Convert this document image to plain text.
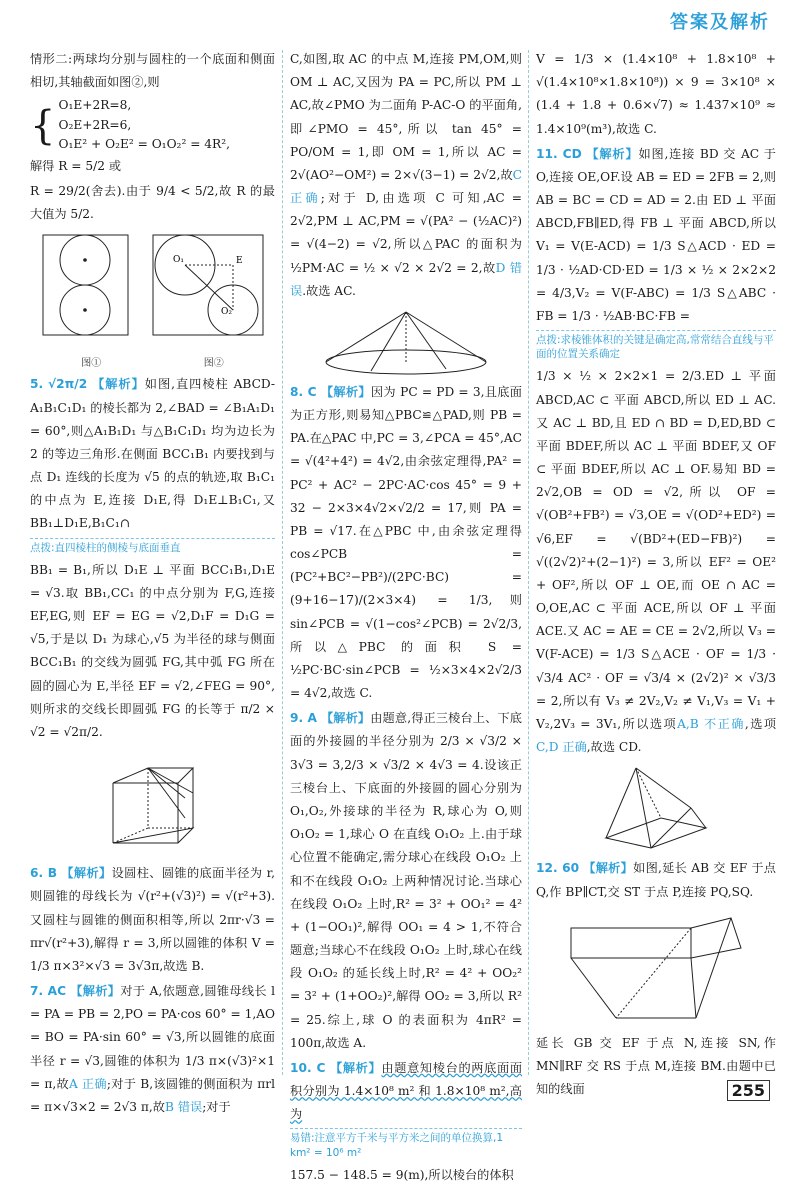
答案及解析

情形二:两球均分别与圆柱的一个底面和侧面相切,其轴截面如图②,则

{ O₁E+2R=8,
O₂E+2R=6,
O₁E² + O₂E² = O₁O₂² = 4R²,

解得 R = 5/2 或

R = 29/2(舍去).由于 9/4 < 5/2,故 R 的最大值为 5/2.

O₁	E
O₂
图①	图②

5. √2π/2 【解析】如图,直四棱柱 ABCD-A₁B₁C₁D₁ 的棱长都为 2,∠BAD = ∠B₁A₁D₁ = 60°,则△A₁B₁D₁ 与△B₁C₁D₁ 均为边长为 2 的等边三角形.在侧面 BCC₁B₁ 内要找到与点 D₁ 连线的长度为 √5 的点的轨迹,取 B₁C₁ 的中点为 E,连接 D₁E,得 D₁E⊥B₁C₁,又 BB₁⊥D₁E,B₁C₁∩

点拨:直四棱柱的侧棱与底面垂直

BB₁ = B₁,所以 D₁E ⊥ 平面 BCC₁B₁,D₁E = √3.取 BB₁,CC₁ 的中点分别为 F,G,连接 EF,EG,则 EF = EG = √2,D₁F = D₁G = √5,于是以 D₁ 为球心,√5 为半径的球与侧面 BCC₁B₁ 的交线为圆弧 FG,其中弧 FG 所在圆的圆心为 E,半径 EF = √2,∠FEG = 90°,则所求的交线长即圆弧 FG 的长等于 π/2 × √2 = √2π/2.

6. B 【解析】设圆柱、圆锥的底面半径为 r,则圆锥的母线长为 √(r²+(√3)²) = √(r²+3).又圆柱与圆锥的侧面积相等,所以 2πr·√3 = πr√(r²+3),解得 r = 3,所以圆锥的体积 V = 1/3 π×3²×√3 = 3√3π,故选 B.

7. AC 【解析】对于 A,依题意,圆锥母线长 l = PA = PB = 2,PO = PA·cos 60° = 1,AO = BO = PA·sin 60° = √3,所以圆锥的底面半径 r = √3,圆锥的体积为 1/3 π×(√3)²×1 = π,故A 正确;对于 B,该圆锥的侧面积为 πrl = π×√3×2 = 2√3 π,故B 错误;对于

C,如图,取 AC 的中点 M,连接 PM,OM,则 OM ⊥ AC,又因为 PA = PC,所以 PM ⊥ AC,故∠PMO 为二面角 P-AC-O 的平面角,即∠PMO = 45°,所以 tan 45° = PO/OM = 1,即 OM = 1,所以 AC = 2√(AO²−OM²) = 2×√(3−1) = 2√2,故C 正确;对于 D,由选项 C 可知,AC = 2√2,PM ⊥ AC,PM = √(PA² − (½AC)²) = √(4−2) = √2,所以△PAC 的面积为 ½PM·AC = ½ × √2 × 2√2 = 2,故D 错误.故选 AC.

8. C 【解析】因为 PC = PD = 3,且底面为正方形,则易知△PBC≌△PAD,则 PB = PA.在△PAC 中,PC = 3,∠PCA = 45°,AC = √(4²+4²) = 4√2,由余弦定理得,PA² = PC² + AC² − 2PC·AC·cos 45° = 9 + 32 − 2×3×4√2×√2/2 = 17,则 PA = PB = √17.在△PBC 中,由余弦定理得 cos∠PCB = (PC²+BC²−PB²)/(2PC·BC) = (9+16−17)/(2×3×4) = 1/3,则 sin∠PCB = √(1−cos²∠PCB) = 2√2/3,所以△PBC 的面积 S = ½PC·BC·sin∠PCB = ½×3×4×2√2/3 = 4√2,故选 C.

9. A 【解析】由题意,得正三棱台上、下底面的外接圆的半径分别为 2/3 × √3/2 × 3√3 = 3,2/3 × √3/2 × 4√3 = 4.设该正三棱台上、下底面的外接圆的圆心分别为 O₁,O₂,外接球的半径为 R,球心为 O,则 O₁O₂ = 1,球心 O 在直线 O₁O₂ 上.由于球心位置不能确定,需分球心在线段 O₁O₂ 上和不在线段 O₁O₂ 上两种情况讨论.当球心在线段 O₁O₂ 上时,R² = 3² + OO₁² = 4² + (1−OO₁)²,解得 OO₁ = 4 > 1,不符合题意;当球心不在线段 O₁O₂ 上时,球心在线段 O₁O₂ 的延长线上时,R² = 4² + OO₂² = 3² + (1+OO₂)²,解得 OO₂ = 3,所以 R² = 25.综上,球 O 的表面积为 4πR² = 100π,故选 A.

10. C 【解析】由题意知棱台的两底面面积分别为 1.4×10⁸ m² 和 1.8×10⁸ m²,高为

易错:注意平方千米与平方米之间的单位换算,1 km² = 10⁶ m²

157.5 − 148.5 = 9(m),所以棱台的体积

V = 1/3 × (1.4×10⁸ + 1.8×10⁸ + √(1.4×10⁸×1.8×10⁸)) × 9 = 3×10⁸ × (1.4 + 1.8 + 0.6×√7) ≈ 1.437×10⁹ ≈ 1.4×10⁹(m³),故选 C.

11. CD 【解析】如图,连接 BD 交 AC 于 O,连接 OE,OF.设 AB = ED = 2FB = 2,则 AB = BC = CD = AD = 2.由 ED ⊥ 平面 ABCD,FB∥ED,得 FB ⊥ 平面 ABCD,所以 V₁ = V(E-ACD) = 1/3 S△ACD · ED = 1/3 · ½AD·CD·ED = 1/3 × ½ × 2×2×2 = 4/3,V₂ = V(F-ABC) = 1/3 S△ABC · FB = 1/3 · ½AB·BC·FB =

点拨:求棱锥体积的关键是确定高,常常结合直线与平面的位置关系确定

1/3 × ½ × 2×2×1 = 2/3.ED ⊥ 平面 ABCD,AC ⊂ 平面 ABCD,所以 ED ⊥ AC.又 AC ⊥ BD,且 ED ∩ BD = D,ED,BD ⊂ 平面 BDEF,所以 AC ⊥ 平面 BDEF,又 OF ⊂ 平面 BDEF,所以 AC ⊥ OF.易知 BD = 2√2,OB = OD = √2,所以 OF = √(OB²+FB²) = √3,OE = √(OD²+ED²) = √6,EF = √(BD²+(ED−FB)²) = √((2√2)²+(2−1)²) = 3,所以 EF² = OE² + OF²,所以 OF ⊥ OE,而 OE ∩ AC = O,OE,AC ⊂ 平面 ACE,所以 OF ⊥ 平面 ACE.又 AC = AE = CE = 2√2,所以 V₃ = V(F-ACE) = 1/3 S△ACE · OF = 1/3 · √3/4 AC² · OF = √3/4 × (2√2)² × √3/3 = 2,所以有 V₃ ≠ 2V₂,V₂ ≠ V₁,V₃ = V₁ + V₂,2V₃ = 3V₁,所以选项A,B 不正确,选项C,D 正确,故选 CD.

12. 60 【解析】如图,延长 AB 交 EF 于点 Q,作 BP∥CT,交 ST 于点 P,连接 PQ,SQ.

延长 GB 交 EF 于点 N,连接 SN,作 MN∥RF 交 RS 于点 M,连接 BM.由题中已知的线面	255
